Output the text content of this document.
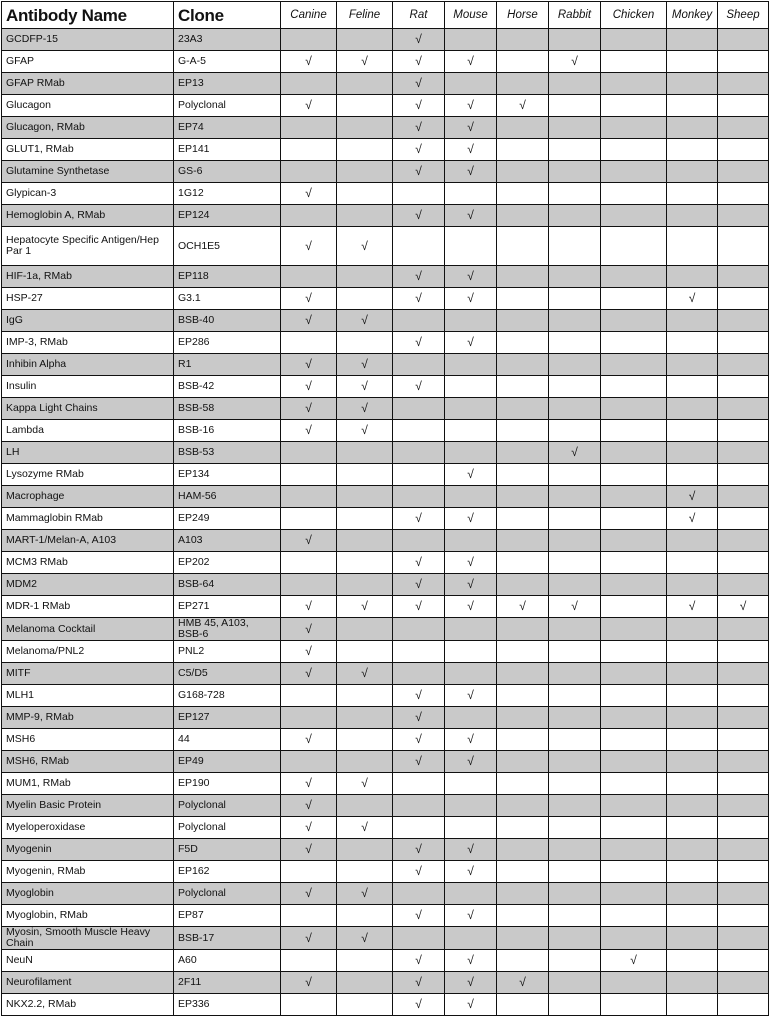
Antibody Name	Clone	Canine	Feline	Rat	Mouse	Horse	Rabbit	Chicken	Monkey	Sheep
GCDFP-15	23A3			√						
GFAP	G-A-5	√	√	√	√		√			
GFAP RMab	EP13			√						
Glucagon	Polyclonal	√		√	√	√				
Glucagon, RMab	EP74			√	√					
GLUT1, RMab	EP141			√	√					
Glutamine Synthetase	GS-6			√	√					
Glypican-3	1G12	√								
Hemoglobin A, RMab	EP124			√	√					
Hepatocyte Specific Antigen/Hep Par 1	OCH1E5	√	√							
HIF-1a, RMab	EP118			√	√					
HSP-27	G3.1	√		√	√				√	
IgG	BSB-40	√	√							
IMP-3, RMab	EP286			√	√					
Inhibin Alpha	R1	√	√							
Insulin	BSB-42	√	√	√						
Kappa Light Chains	BSB-58	√	√							
Lambda	BSB-16	√	√							
LH	BSB-53						√			
Lysozyme RMab	EP134				√					
Macrophage	HAM-56								√	
Mammaglobin RMab	EP249			√	√				√	
MART-1/Melan-A, A103	A103	√								
MCM3 RMab	EP202			√	√					
MDM2	BSB-64			√	√					
MDR-1 RMab	EP271	√	√	√	√	√	√		√	√
Melanoma Cocktail	HMB 45, A103, BSB-6	√								
Melanoma/PNL2	PNL2	√								
MITF	C5/D5	√	√							
MLH1	G168-728			√	√					
MMP-9, RMab	EP127			√						
MSH6	44	√		√	√					
MSH6, RMab	EP49			√	√					
MUM1, RMab	EP190	√	√							
Myelin Basic Protein	Polyclonal	√								
Myeloperoxidase	Polyclonal	√	√							
Myogenin	F5D	√		√	√					
Myogenin, RMab	EP162			√	√					
Myoglobin	Polyclonal	√	√							
Myoglobin, RMab	EP87			√	√					
Myosin, Smooth Muscle Heavy Chain	BSB-17	√	√							
NeuN	A60			√	√			√		
Neurofilament	2F11	√		√	√	√				
NKX2.2, RMab	EP336			√	√					
